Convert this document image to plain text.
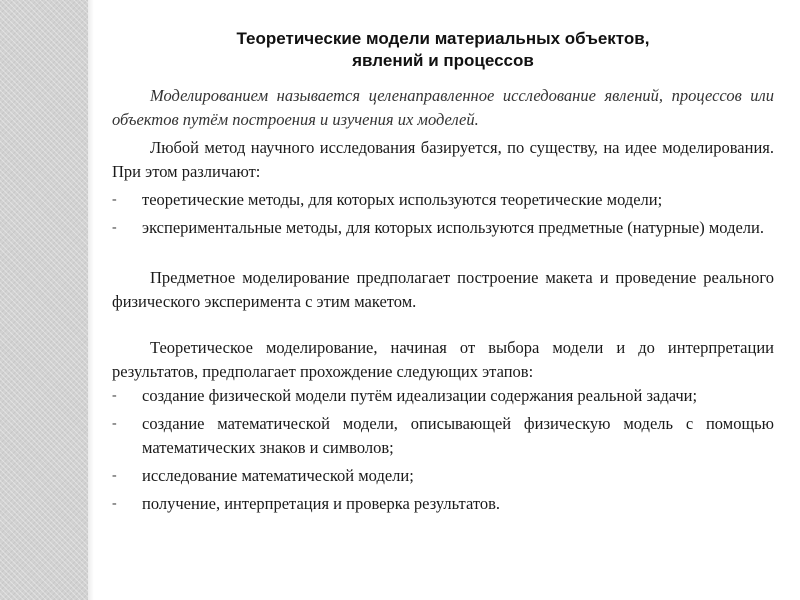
Теоретические модели материальных объектов,
явлений и процессов

Моделированием называется целенаправленное исследование явлений, процессов или объектов путём построения и изучения их моделей.

Любой метод научного исследования базируется, по существу, на идее моделирования. При этом различают:

-	теоретические методы, для которых используются теоретические модели;
-	экспериментальные методы, для которых используются предметные (натурные) модели.

Предметное моделирование предполагает построение макета и проведение реального физического эксперимента с этим макетом.

Теоретическое моделирование, начиная от выбора модели и до интерпретации результатов, предполагает прохождение следующих этапов:

-	создание физической модели путём идеализации содержания реальной задачи;
-	создание математической модели, описывающей физическую модель с помощью математических знаков и символов;
-	исследование математической модели;
-	получение, интерпретация и проверка результатов.
